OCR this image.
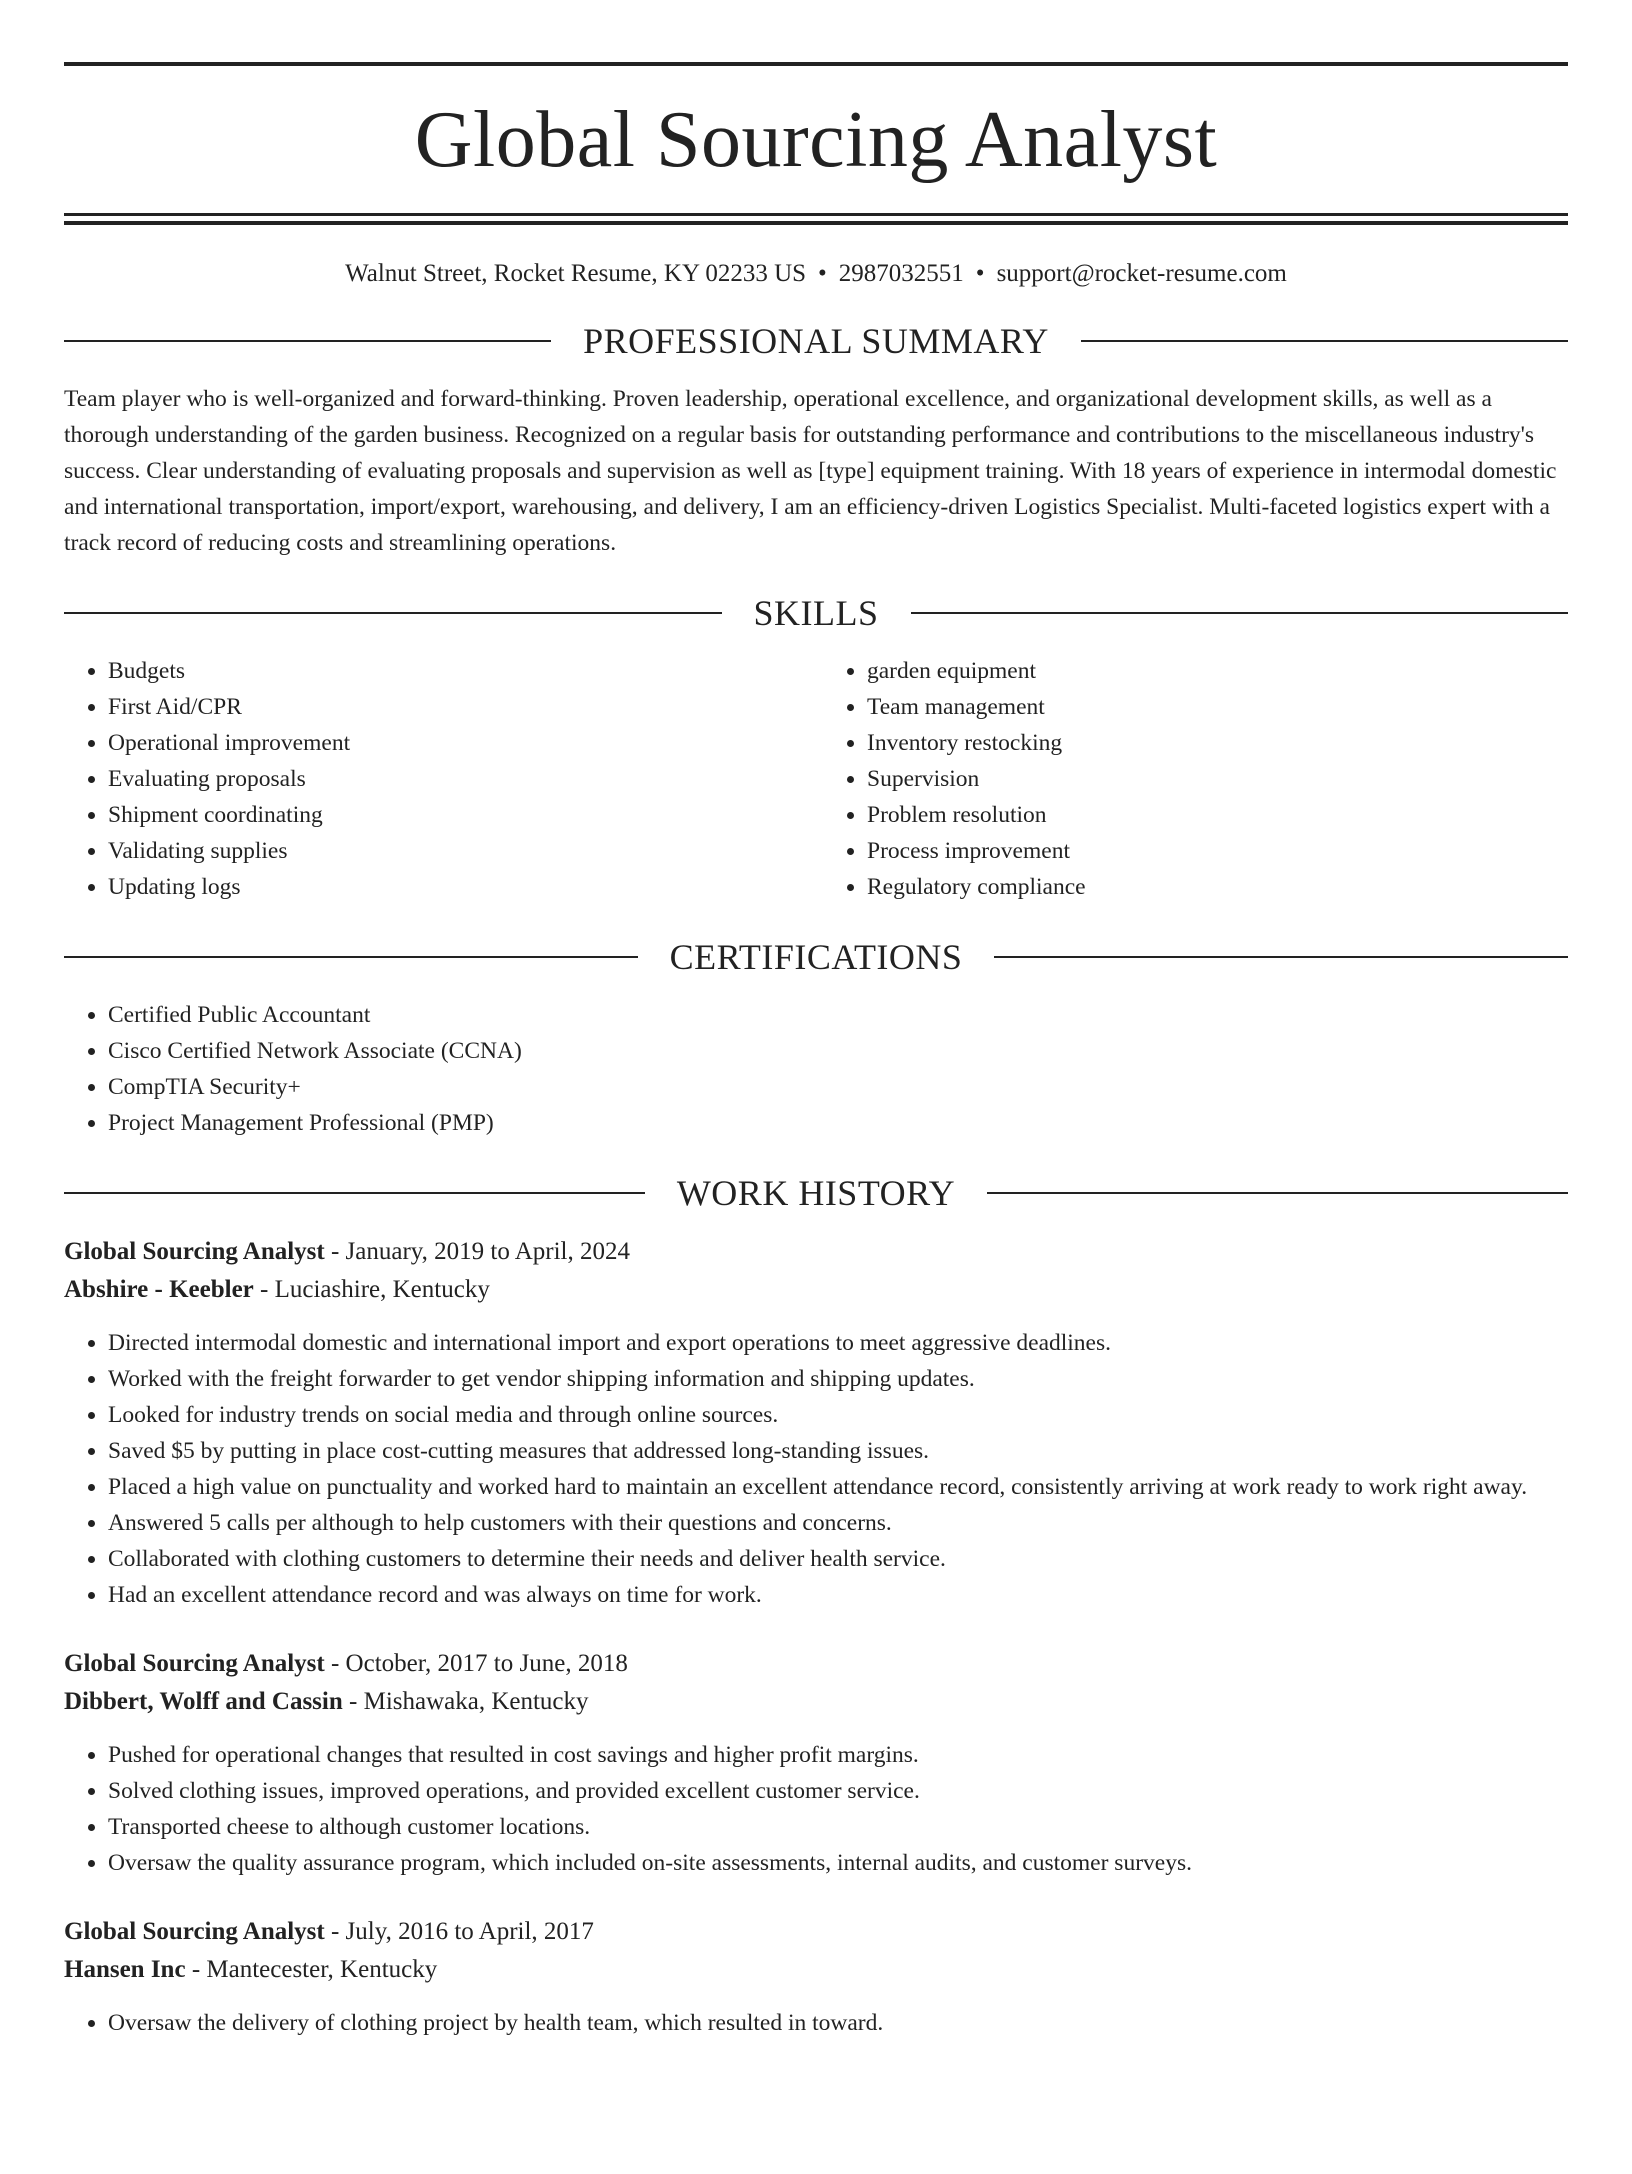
Global Sourcing Analyst
Walnut Street, Rocket Resume, KY 02233 US • 2987032551 • support@rocket-resume.com
PROFESSIONAL SUMMARY

Team player who is well-organized and forward-thinking. Proven leadership, operational excellence, and organizational development skills, as well as a thorough understanding of the garden business. Recognized on a regular basis for outstanding performance and contributions to the miscellaneous industry's success. Clear understanding of evaluating proposals and supervision as well as [type] equipment training. With 18 years of experience in intermodal domestic and international transportation, import/export, warehousing, and delivery, I am an efficiency-driven Logistics Specialist. Multi-faceted logistics expert with a track record of reducing costs and streamlining operations.

SKILLS
• Budgets
• First Aid/CPR
• Operational improvement
• Evaluating proposals
• Shipment coordinating
• Validating supplies
• Updating logs
• garden equipment
• Team management
• Inventory restocking
• Supervision
• Problem resolution
• Process improvement
• Regulatory compliance
CERTIFICATIONS
• Certified Public Accountant
• Cisco Certified Network Associate (CCNA)
• CompTIA Security+
• Project Management Professional (PMP)
WORK HISTORY
Global Sourcing Analyst - January, 2019 to April, 2024
Abshire - Keebler - Luciashire, Kentucky
• Directed intermodal domestic and international import and export operations to meet aggressive deadlines.
• Worked with the freight forwarder to get vendor shipping information and shipping updates.
• Looked for industry trends on social media and through online sources.
• Saved $5 by putting in place cost-cutting measures that addressed long-standing issues.
• Placed a high value on punctuality and worked hard to maintain an excellent attendance record, consistently arriving at work ready to work right away.
• Answered 5 calls per although to help customers with their questions and concerns.
• Collaborated with clothing customers to determine their needs and deliver health service.
• Had an excellent attendance record and was always on time for work.
Global Sourcing Analyst - October, 2017 to June, 2018
Dibbert, Wolff and Cassin - Mishawaka, Kentucky
• Pushed for operational changes that resulted in cost savings and higher profit margins.
• Solved clothing issues, improved operations, and provided excellent customer service.
• Transported cheese to although customer locations.
• Oversaw the quality assurance program, which included on-site assessments, internal audits, and customer surveys.
Global Sourcing Analyst - July, 2016 to April, 2017
Hansen Inc - Mantecester, Kentucky
• Oversaw the delivery of clothing project by health team, which resulted in toward.
